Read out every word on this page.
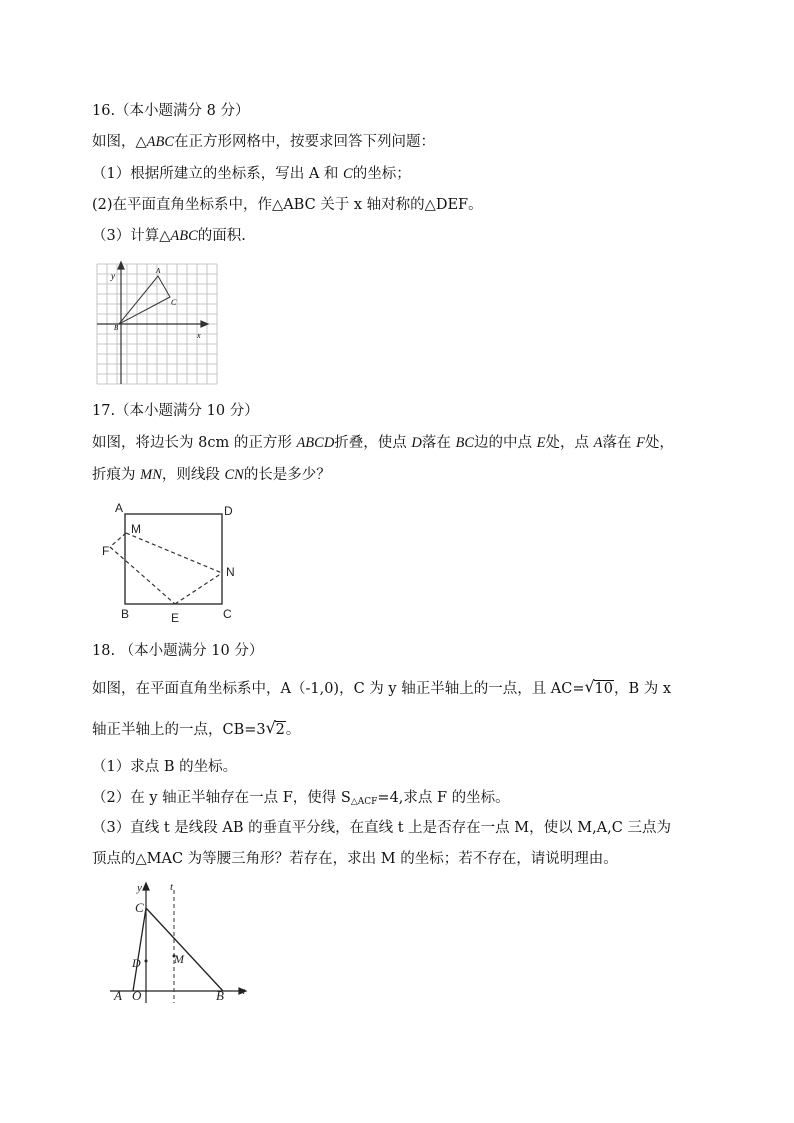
16.（本小题满分 8 分）
如图，△ABC在正方形网格中，按要求回答下列问题：
（1）根据所建立的坐标系，写出 A 和 C的坐标；
(2)在平面直角坐标系中，作△ABC 关于 x 轴对称的△DEF。
（3）计算△ABC的面积.
y
x
A
B
C
17.（本小题满分 10 分）
如图，将边长为 8cm 的正方形 ABCD折叠，使点 D落在 BC边的中点 E处，点 A落在 F处，
折痕为 MN，则线段 CN的长是多少？
A	D
M
F
N
B	E	C
18. （本小题满分 10 分）
如图，在平面直角坐标系中，A（-1,0)，C 为 y 轴正半轴上的一点，且 AC= √ 10，B 为 x
轴正半轴上的一点，CB=3 √ 2。
（1）求点 B 的坐标。
（2）在 y 轴正半轴存在一点 F，使得 $S_{\triangle ACF}=4$,求点 F 的坐标。
（3）直线 t 是线段 AB 的垂直平分线，在直线 t 上是否存在一点 M，使以 M,A,C 三点为
顶点的△MAC 为等腰三角形？若存在，求出 M 的坐标；若不存在，请说明理由。
y	t
C
D	M
A O	B x
